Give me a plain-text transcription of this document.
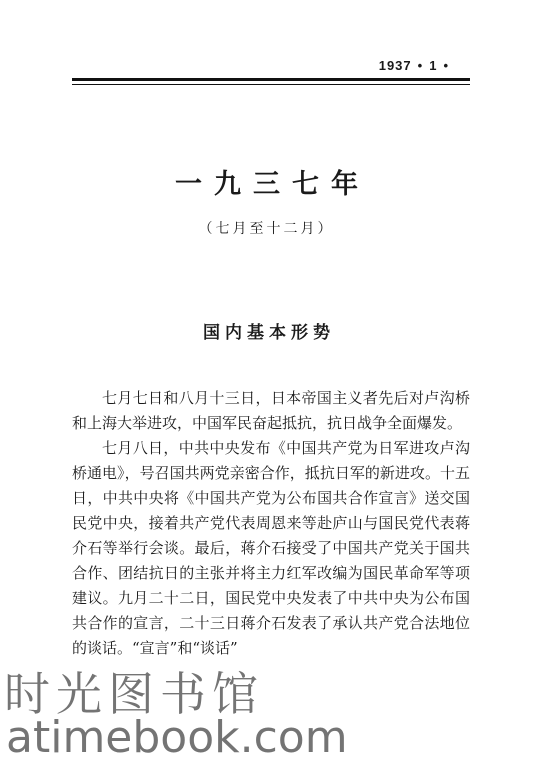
1937 • 1 •
一九三七年
（七月至十二月）
国内基本形势

七月七日和八月十三日，日本帝国主义者先后对卢沟桥和上海大举进攻，中国军民奋起抵抗，抗日战争全面爆发。

七月八日，中共中央发布《中国共产党为日军进攻卢沟桥通电》，号召国共两党亲密合作，抵抗日军的新进攻。十五日，中共中央将《中国共产党为公布国共合作宣言》送交国民党中央，接着共产党代表周恩来等赴庐山与国民党代表蒋介石等举行会谈。最后，蒋介石接受了中国共产党关于国共合作、团结抗日的主张并将主力红军改编为国民革命军等项建议。九月二十二日，国民党中央发表了中共中央为公布国共合作的宣言，二十三日蒋介石发表了承认共产党合法地位的谈话。“宣言”和“谈话”

时光图书馆
atimebook.com
